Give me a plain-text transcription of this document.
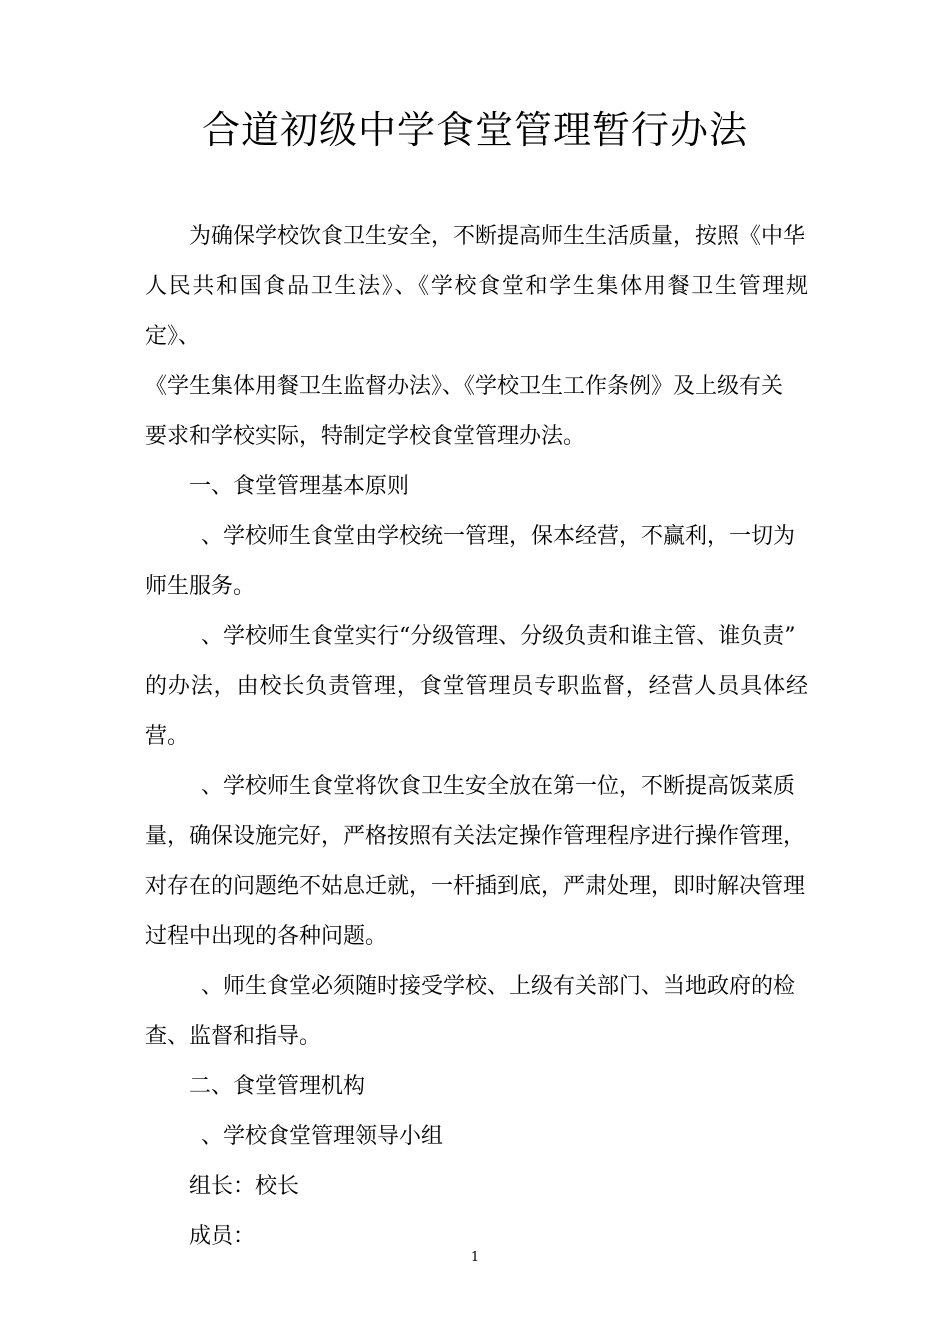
合道初级中学食堂管理暂行办法

为确保学校饮食卫生安全，不断提高师生生活质量，按照《中华
人民共和国食品卫生法》、《学校食堂和学生集体用餐卫生管理规定》、
《学生集体用餐卫生监督办法》、《学校卫生工作条例》及上级有关
要求和学校实际，特制定学校食堂管理办法。

一、食堂管理基本原则

、学校师生食堂由学校统一管理，保本经营，不赢利，一切为
师生服务。

、学校师生食堂实行“分级管理、分级负责和谁主管、谁负责”
的办法，由校长负责管理，食堂管理员专职监督，经营人员具体经营。

、学校师生食堂将饮食卫生安全放在第一位，不断提高饭菜质
量，确保设施完好，严格按照有关法定操作管理程序进行操作管理，
对存在的问题绝不姑息迁就，一杆插到底，严肃处理，即时解决管理
过程中出现的各种问题。

、师生食堂必须随时接受学校、上级有关部门、当地政府的检
查、监督和指导。

二、食堂管理机构

、学校食堂管理领导小组

组长：校长

成员：

1
